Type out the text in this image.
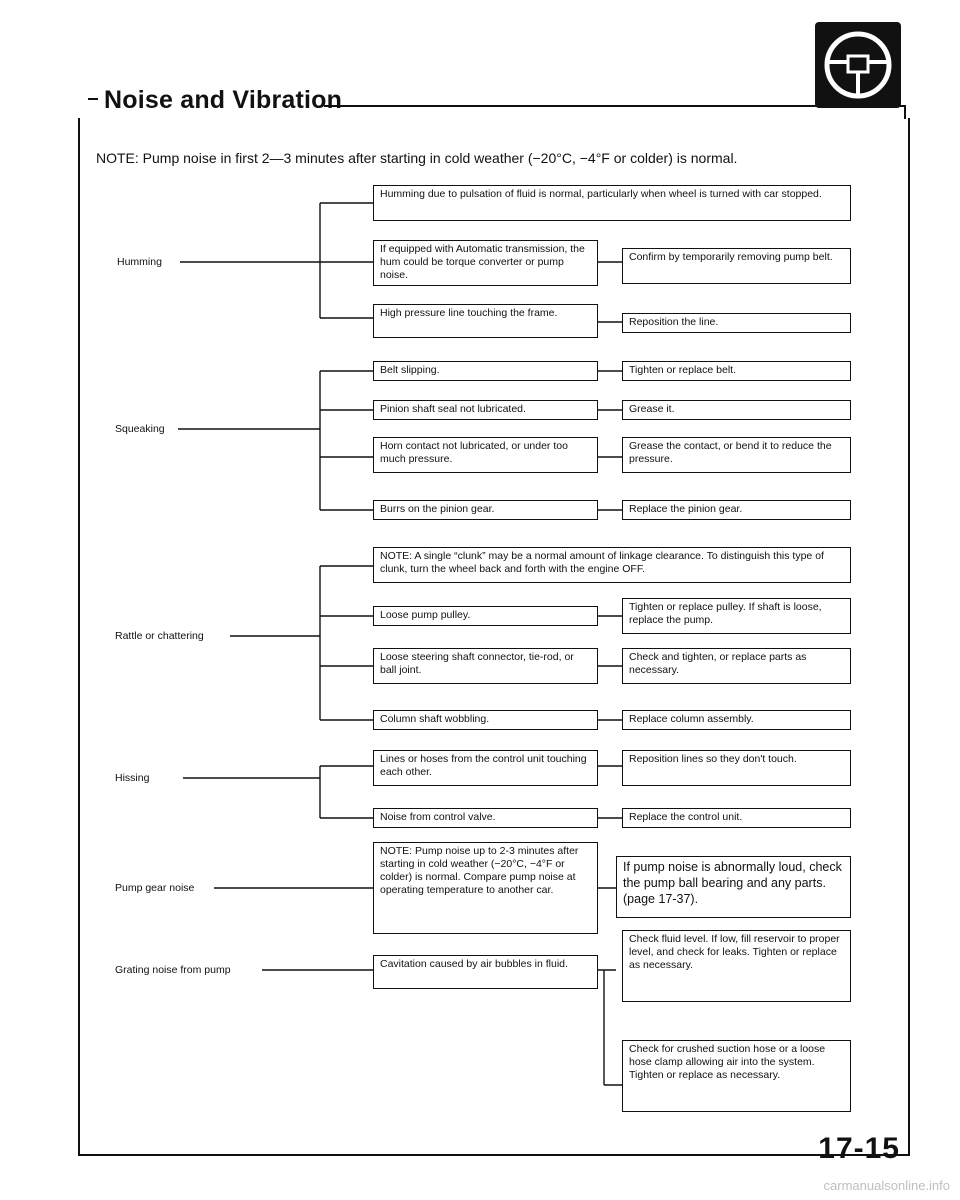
Noise and Vibration
NOTE: Pump noise in first 2—3 minutes after starting in cold weather (−20°C, −4°F or colder) is normal.
Humming
Squeaking
Rattle or chattering
Hissing
Pump gear noise
Grating noise from pump
Humming due to pulsation of fluid is normal, particularly when wheel is turned with car stopped.
If equipped with Automatic transmission, the hum could be torque converter or pump noise.
High pressure line touching the frame.
Confirm by temporarily removing pump belt.
Reposition the line.
Belt slipping.
Pinion shaft seal not lubricated.
Horn contact not lubricated, or under too much pressure.
Burrs on the pinion gear.
Tighten or replace belt.
Grease it.
Grease the contact, or bend it to reduce the pressure.
Replace the pinion gear.
NOTE: A single “clunk” may be a normal amount of linkage clearance. To distinguish this type of clunk, turn the wheel back and forth with the engine OFF.
Loose pump pulley.
Loose steering shaft connector, tie-rod, or ball joint.
Column shaft wobbling.
Tighten or replace pulley. If shaft is loose, replace the pump.
Check and tighten, or replace parts as necessary.
Replace column assembly.
Lines or hoses from the control unit touching each other.
Noise from control valve.
Reposition lines so they don't touch.
Replace the control unit.
NOTE: Pump noise up to 2-3 minutes after starting in cold weather (−20°C, −4°F or colder) is normal. Compare pump noise at operating temperature to another car.
If pump noise is abnormally loud, check the pump ball bearing and any parts. (page 17-37).
Cavitation caused by air bubbles in fluid.
Check fluid level. If low, fill reservoir to proper level, and check for leaks. Tighten or replace as necessary.
Check for crushed suction hose or a loose hose clamp allowing air into the system. Tighten or replace as necessary.
17-15
carmanualsonline.info
